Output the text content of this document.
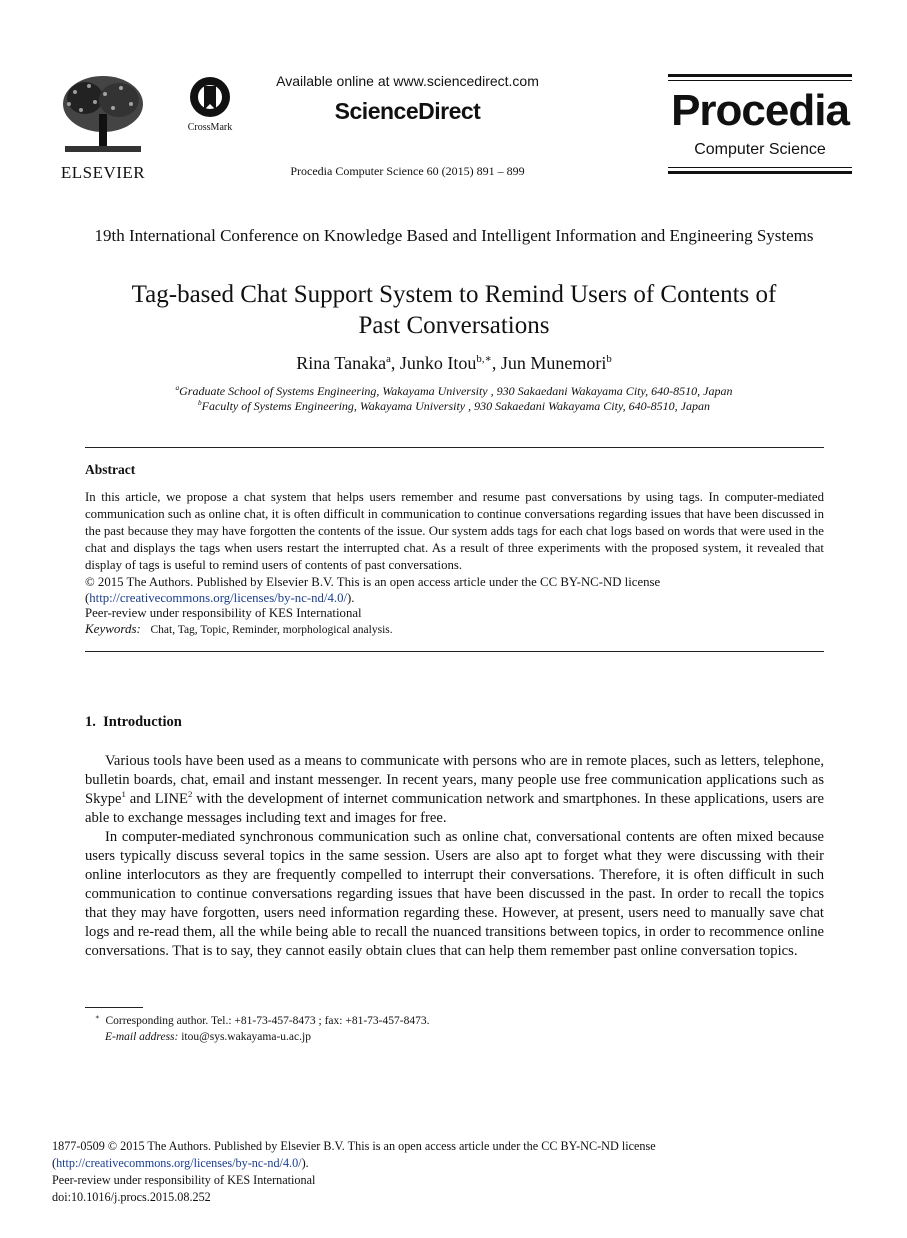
ELSEVIER
CrossMark
Available online at www.sciencedirect.com
ScienceDirect
Procedia Computer Science 60 (2015) 891 – 899
Procedia
Computer Science
19th International Conference on Knowledge Based and Intelligent Information and Engineering Systems
Tag-based Chat Support System to Remind Users of Contents of
Past Conversations
Rina Tanaka$^a$, Junko Itou$^{b,∗}$, Jun Munemori$^b$
$^a$Graduate School of Systems Engineering, Wakayama University , 930 Sakaedani Wakayama City, 640-8510, Japan
$^b$Faculty of Systems Engineering, Wakayama University , 930 Sakaedani Wakayama City, 640-8510, Japan
Abstract

In this article, we propose a chat system that helps users remember and resume past conversations by using tags. In computer-mediated communication such as online chat, it is often difficult in communication to continue conversations regarding issues that have been discussed in the past because they may have forgotten the contents of the issue. Our system adds tags for each chat logs based on words that were used in the chat and displays the tags when users restart the interrupted chat. As a result of three experiments with the proposed system, it revealed that display of tags is useful to remind users of contents of past conversations.

© 2015 The Authors. Published by Elsevier B.V. This is an open access article under the CC BY-NC-ND license
(http://creativecommons.org/licenses/by-nc-nd/4.0/).
Peer-review under responsibility of KES International
Keywords: Chat, Tag, Topic, Reminder, morphological analysis.
1.  Introduction

Various tools have been used as a means to communicate with persons who are in remote places, such as letters, telephone, bulletin boards, chat, email and instant messenger. In recent years, many people use free communication applications such as Skype$^1$ and LINE$^2$ with the development of internet communication network and smartphones. In these applications, users are able to exchange messages including text and images for free.

In computer-mediated synchronous communication such as online chat, conversational contents are often mixed because users typically discuss several topics in the same session. Users are also apt to forget what they were discussing with their online interlocutors as they are frequently compelled to interrupt their conversations. Therefore, it is often difficult in such communication to continue conversations regarding issues that have been discussed in the past. In order to recall the topics that they may have forgotten, users need information regarding these. However, at present, users need to manually save chat logs and re-read them, all the while being able to recall the nuanced transitions between topics, in order to recommence online conversations. That is to say, they cannot easily obtain clues that can help them remember past online conversation topics.

∗ Corresponding author. Tel.: +81-73-457-8473 ; fax: +81-73-457-8473.
E-mail address: itou@sys.wakayama-u.ac.jp
1877-0509 © 2015 The Authors. Published by Elsevier B.V. This is an open access article under the CC BY-NC-ND license
(http://creativecommons.org/licenses/by-nc-nd/4.0/).
Peer-review under responsibility of KES International
doi:10.1016/j.procs.2015.08.252
